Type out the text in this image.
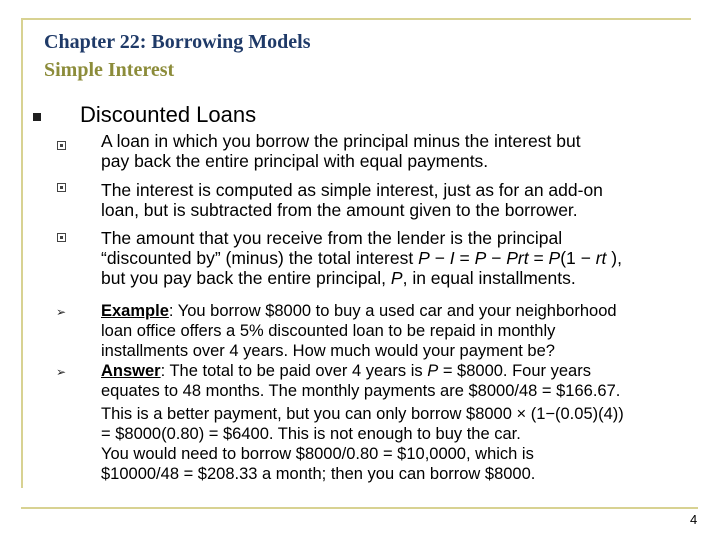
Chapter 22: Borrowing Models
Simple Interest
Discounted Loans
A loan in which you borrow the principal minus the interest but
pay back the entire principal with equal payments.
The interest is computed as simple interest, just as for an add-on
loan, but is subtracted from the amount given to the borrower.
The amount that you receive from the lender is the principal
“discounted by” (minus) the total interest P − I = P − Prt = P(1 − rt ),
but you pay back the entire principal, P, in equal installments.
➢ Example: You borrow $8000 to buy a used car and your neighborhood
loan office offers a 5% discounted loan to be repaid in monthly
installments over 4 years. How much would your payment be?
➢ Answer: The total to be paid over 4 years is P = $8000. Four years
equates to 48 months. The monthly payments are $8000/48 = $166.67.
This is a better payment, but you can only borrow $8000 × (1−(0.05)(4))
= $8000(0.80) = $6400. This is not enough to buy the car.
You would need to borrow $8000/0.80 = $10,0000, which is
$10000/48 = $208.33 a month; then you can borrow $8000.
4
